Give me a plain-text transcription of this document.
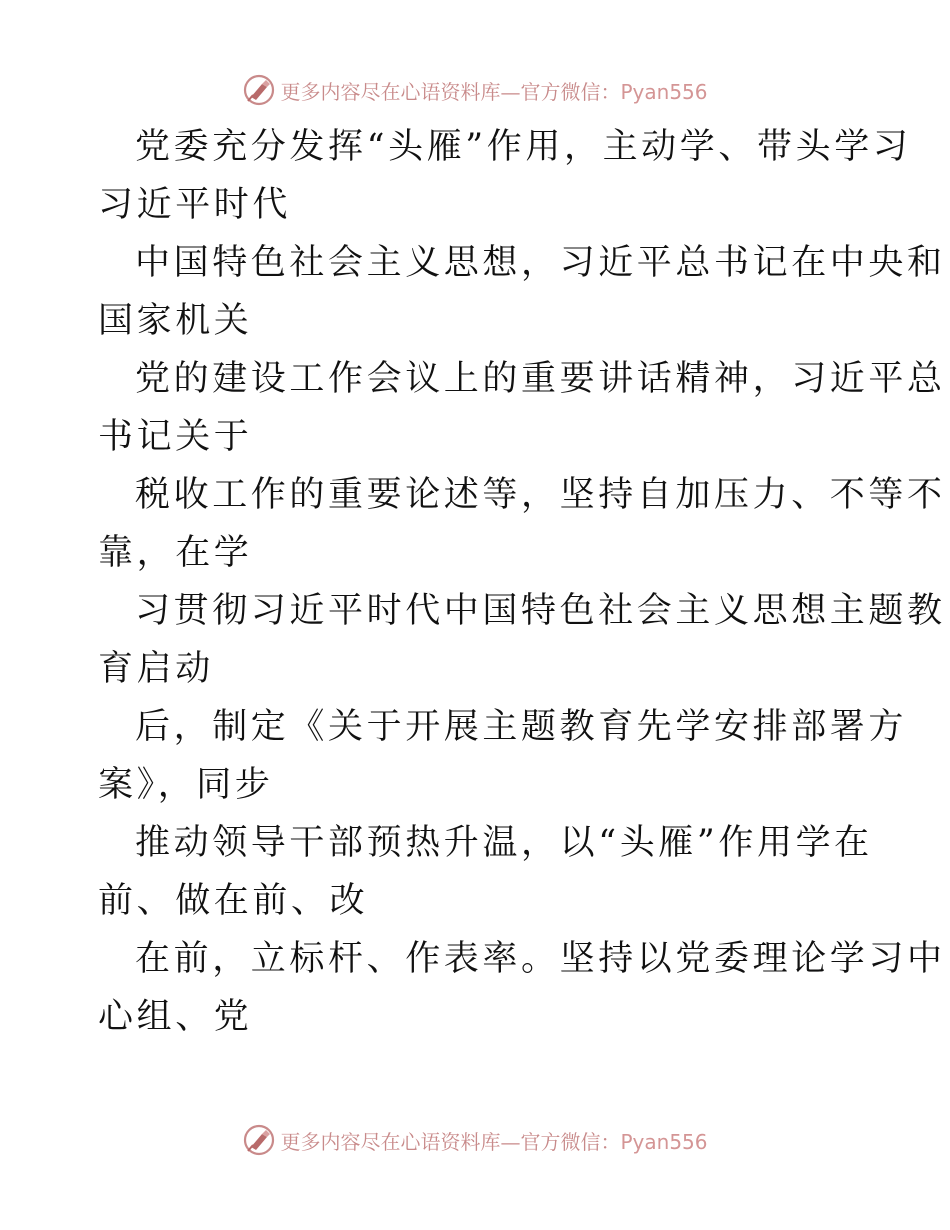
更多内容尽在心语资料库—官方微信：Pyan556
党委充分发挥“头雁”作用，主动学、带头学习
习近平时代
中国特色社会主义思想，习近平总书记在中央和
国家机关
党的建设工作会议上的重要讲话精神，习近平总
书记关于
税收工作的重要论述等，坚持自加压力、不等不
靠，在学
习贯彻习近平时代中国特色社会主义思想主题教
育启动
后，制定《关于开展主题教育先学安排部署方
案》，同步
推动领导干部预热升温，以“头雁”作用学在
前、做在前、改
在前，立标杆、作表率。坚持以党委理论学习中
心组、党
更多内容尽在心语资料库—官方微信：Pyan556
